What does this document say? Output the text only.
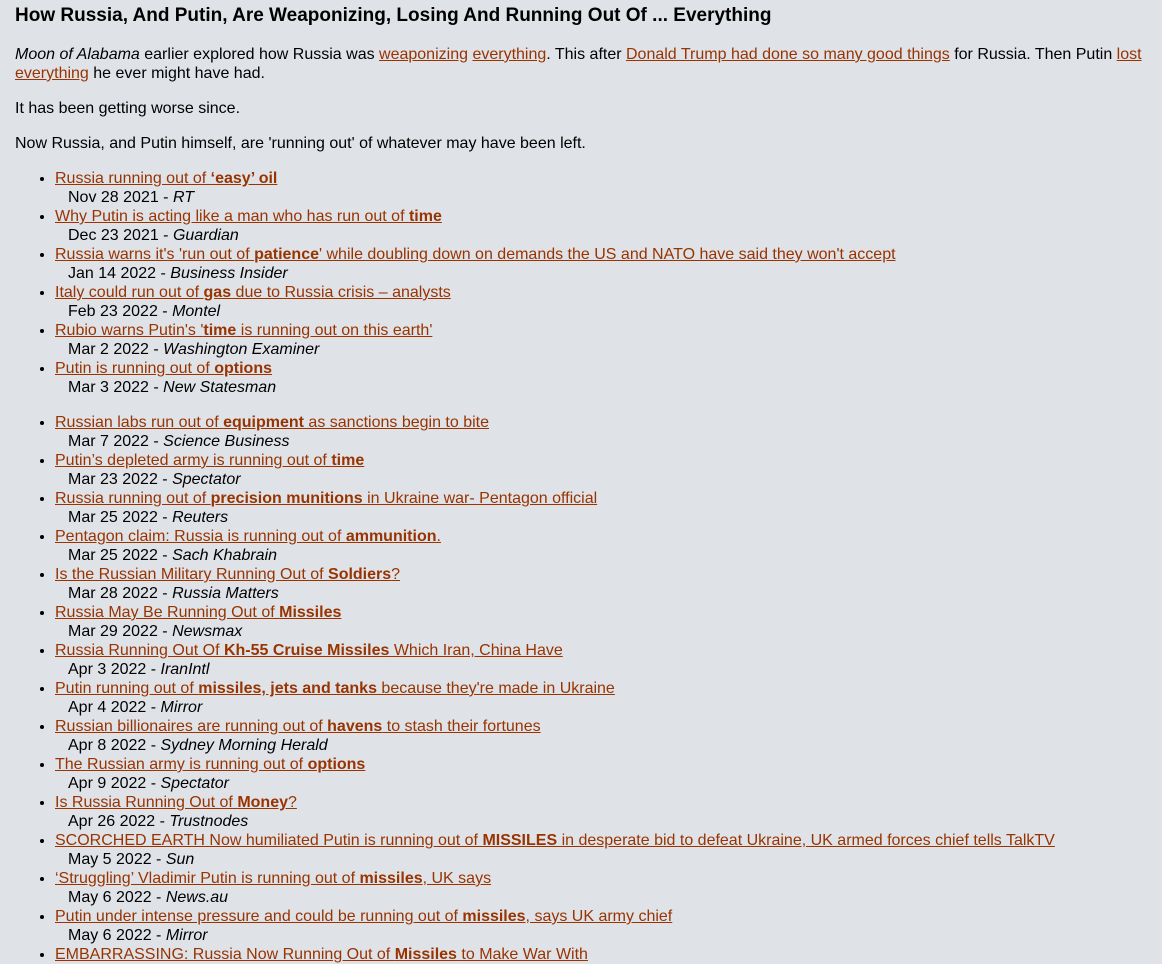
How Russia, And Putin, Are Weaponizing, Losing And Running Out Of ... Everything

Moon of Alabama earlier explored how Russia was weaponizing everything. This after Donald Trump had done so many good things for Russia. Then Putin lost everything he ever might have had.

It has been getting worse since.

Now Russia, and Putin himself, are 'running out' of whatever may have been left.

• Russia running out of ‘easy’ oil
Nov 28 2021 - RT
• Why Putin is acting like a man who has run out of time
Dec 23 2021 - Guardian
• Russia warns it's 'run out of patience' while doubling down on demands the US and NATO have said they won't accept
Jan 14 2022 - Business Insider
• Italy could run out of gas due to Russia crisis – analysts
Feb 23 2022 - Montel
• Rubio warns Putin's 'time is running out on this earth'
Mar 2 2022 - Washington Examiner
• Putin is running out of options
Mar 3 2022 - New Statesman
• Russian labs run out of equipment as sanctions begin to bite
Mar 7 2022 - Science Business
• Putin’s depleted army is running out of time
Mar 23 2022 - Spectator
• Russia running out of precision munitions in Ukraine war- Pentagon official
Mar 25 2022 - Reuters
• Pentagon claim: Russia is running out of ammunition.
Mar 25 2022 - Sach Khabrain
• Is the Russian Military Running Out of Soldiers?
Mar 28 2022 - Russia Matters
• Russia May Be Running Out of Missiles
Mar 29 2022 - Newsmax
• Russia Running Out Of Kh-55 Cruise Missiles Which Iran, China Have
Apr 3 2022 - IranIntl
• Putin running out of missiles, jets and tanks because they're made in Ukraine
Apr 4 2022 - Mirror
• Russian billionaires are running out of havens to stash their fortunes
Apr 8 2022 - Sydney Morning Herald
• The Russian army is running out of options
Apr 9 2022 - Spectator
• Is Russia Running Out of Money?
Apr 26 2022 - Trustnodes
• SCORCHED EARTH Now humiliated Putin is running out of MISSILES in desperate bid to defeat Ukraine, UK armed forces chief tells TalkTV
May 5 2022 - Sun
• ‘Struggling’ Vladimir Putin is running out of missiles, UK says
May 6 2022 - News.au
• Putin under intense pressure and could be running out of missiles, says UK army chief
May 6 2022 - Mirror
• EMBARRASSING: Russia Now Running Out of Missiles to Make War With
